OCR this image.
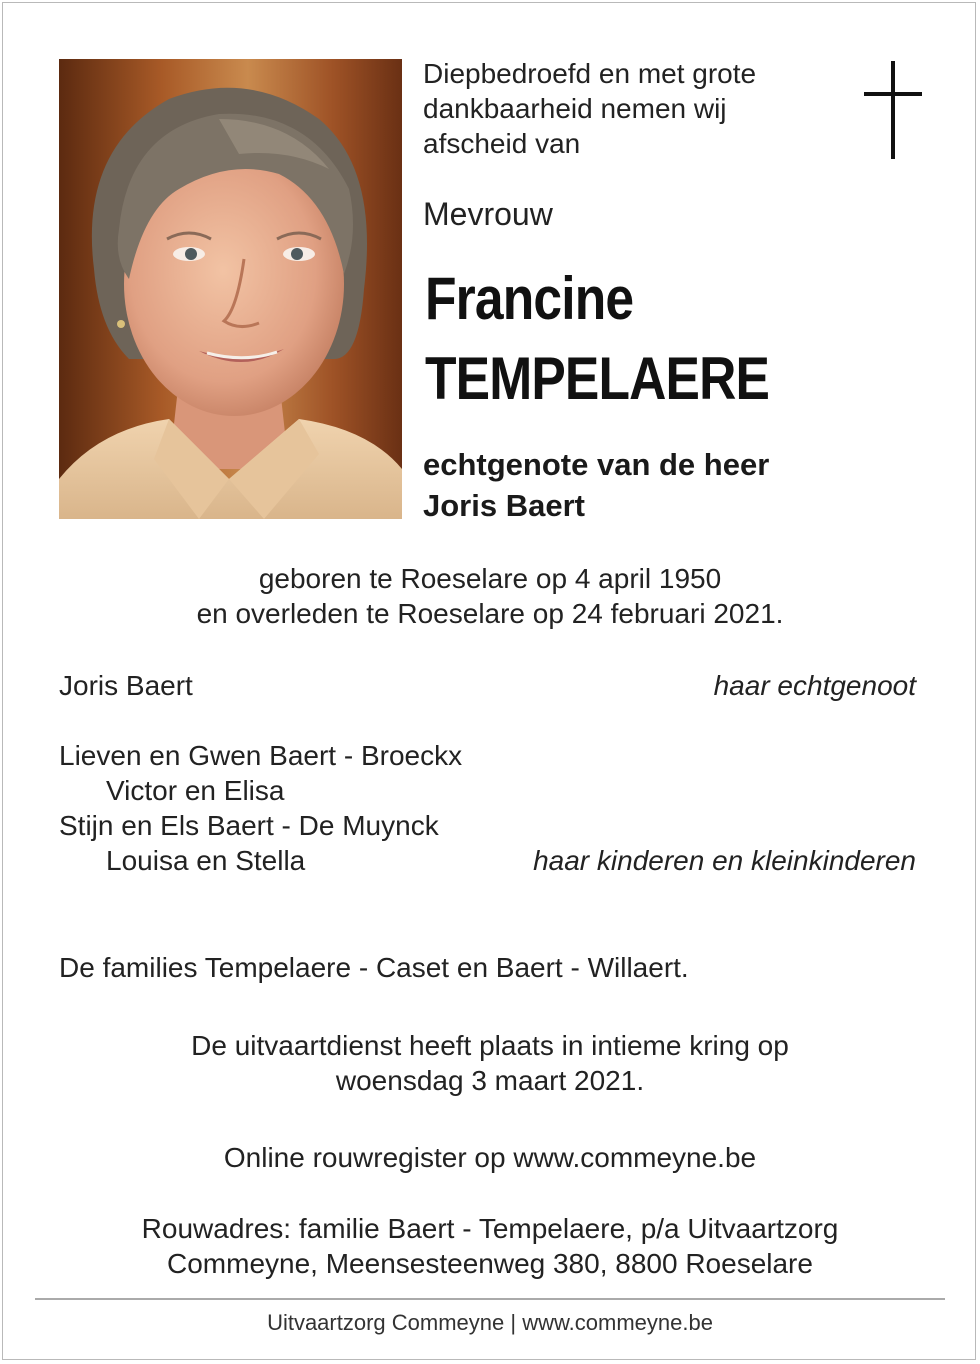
Diepbedroefd en met grote
dankbaarheid nemen wij
afscheid van
Mevrouw
Francine
TEMPELAERE
echtgenote van de heer
Joris Baert
geboren te Roeselare op 4 april 1950
en overleden te Roeselare op 24 februari 2021.
Joris Baert	haar echtgenoot
Lieven en Gwen Baert - Broeckx
Victor en Elisa
Stijn en Els Baert - De Muynck
Louisa en Stella	haar kinderen en kleinkinderen
De families Tempelaere - Caset en Baert - Willaert.
De uitvaartdienst heeft plaats in intieme kring op
woensdag 3 maart 2021.
Online rouwregister op www.commeyne.be
Rouwadres: familie Baert - Tempelaere, p/a Uitvaartzorg
Commeyne, Meensesteenweg 380, 8800 Roeselare
Uitvaartzorg Commeyne | www.commeyne.be
